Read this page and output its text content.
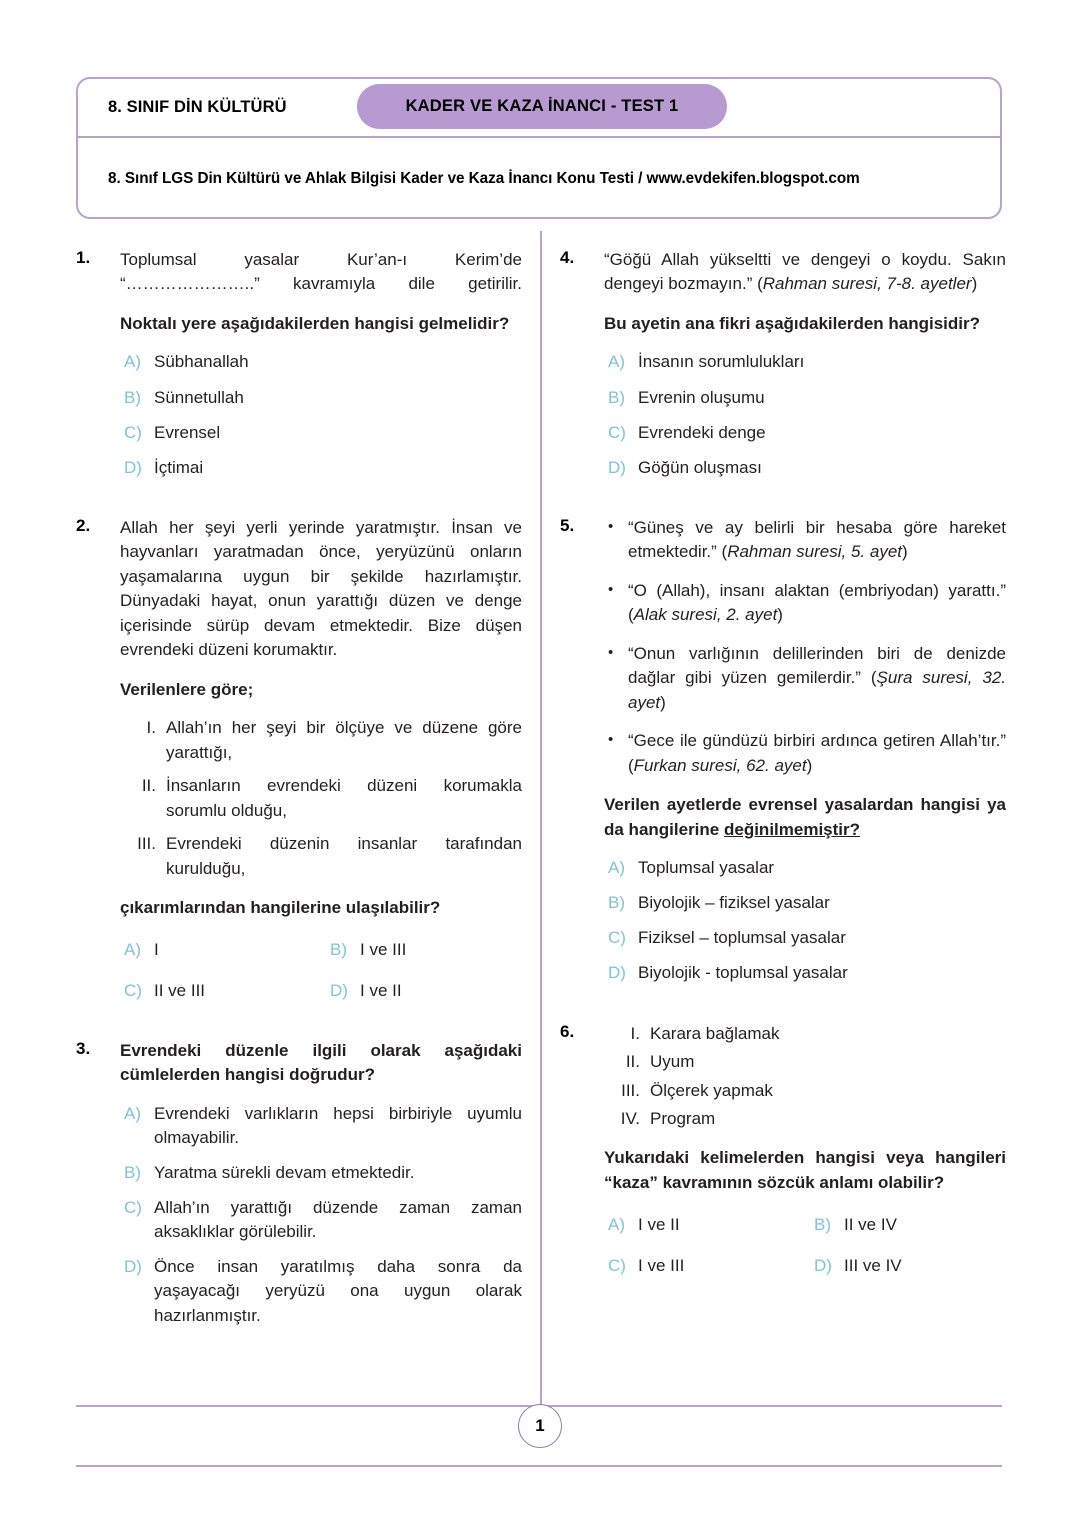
8. SINIF DİN KÜLTÜRÜ	KADER VE KAZA İNANCI - TEST 1
8. Sınıf LGS Din Kültürü ve Ahlak Bilgisi Kader ve Kaza İnancı Konu Testi / www.evdekifen.blogspot.com
1. Toplumsal yasalar Kur’an-ı Kerim’de “…………………..” kavramıyla dile getirilir.
Noktalı yere aşağıdakilerden hangisi gelmelidir?
A) Sübhanallah
B) Sünnetullah
C) Evrensel
D) İçtimai
2. Allah her şeyi yerli yerinde yaratmıştır. İnsan ve hayvanları yaratmadan önce, yeryüzünü onların yaşamalarına uygun bir şekilde hazırlamıştır. Dünyadaki hayat, onun yarattığı düzen ve denge içerisinde sürüp devam etmektedir. Bize düşen evrendeki düzeni korumaktır.
Verilenlere göre;
I. Allah’ın her şeyi bir ölçüye ve düzene göre yarattığı,
II. İnsanların evrendeki düzeni korumakla sorumlu olduğu,
III. Evrendeki düzenin insanlar tarafından kurulduğu,
çıkarımlarından hangilerine ulaşılabilir?
A) I	B) I ve III
C) II ve III	D) I ve II
3. Evrendeki düzenle ilgili olarak aşağıdaki cümlelerden hangisi doğrudur?
A) Evrendeki varlıkların hepsi birbiriyle uyumlu olmayabilir.
B) Yaratma sürekli devam etmektedir.
C) Allah’ın yarattığı düzende zaman zaman aksaklıklar görülebilir.
D) Önce insan yaratılmış daha sonra da yaşayacağı yeryüzü ona uygun olarak hazırlanmıştır.
4. “Göğü Allah yükseltti ve dengeyi o koydu. Sakın dengeyi bozmayın.” (Rahman suresi, 7-8. ayetler)
Bu ayetin ana fikri aşağıdakilerden hangisidir?
A) İnsanın sorumlulukları
B) Evrenin oluşumu
C) Evrendeki denge
D) Göğün oluşması
5.	• “Güneş ve ay belirli bir hesaba göre hareket etmektedir.” (Rahman suresi, 5. ayet)
• “O (Allah), insanı alaktan (embriyodan) yarattı.” (Alak suresi, 2. ayet)
• “Onun varlığının delillerinden biri de denizde dağlar gibi yüzen gemilerdir.” (Şura suresi, 32. ayet)
• “Gece ile gündüzü birbiri ardınca getiren Allah’tır.” (Furkan suresi, 62. ayet)
Verilen ayetlerde evrensel yasalardan hangisi ya da hangilerine değinilmemiştir?
A) Toplumsal yasalar
B) Biyolojik – fiziksel yasalar
C) Fiziksel – toplumsal yasalar
D) Biyolojik - toplumsal yasalar
6.	I. Karara bağlamak
II. Uyum
III. Ölçerek yapmak
IV. Program
Yukarıdaki kelimelerden hangisi veya hangileri “kaza” kavramının sözcük anlamı olabilir?
A) I ve II	B) II ve IV
C) I ve III	D) III ve IV
1
